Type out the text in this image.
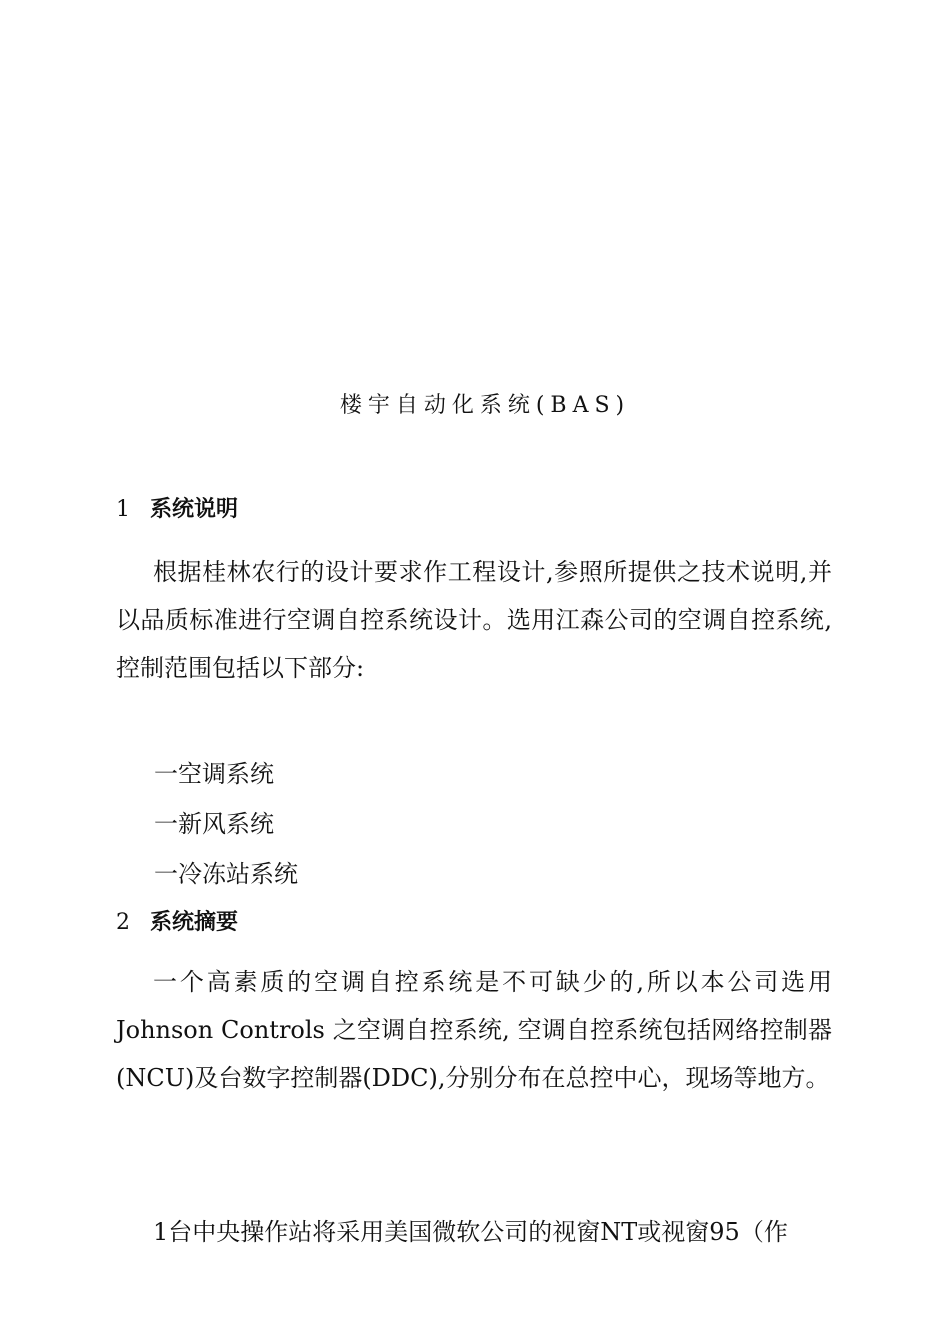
楼宇自动化系统(BAS)
1 系统说明
根据桂林农行的设计要求作工程设计,参照所提供之技术说明,并以品质标准进行空调自控系统设计。选用江森公司的空调自控系统,控制范围包括以下部分:
一空调系统
一新风系统
一冷冻站系统
2 系统摘要
一个高素质的空调自控系统是不可缺少的,所以本公司选用Johnson Controls 之空调自控系统, 空调自控系统包括网络控制器(NCU)及台数字控制器(DDC),分别分布在总控中心，现场等地方。
1台中央操作站将采用美国微软公司的视窗NT或视窗95（作
